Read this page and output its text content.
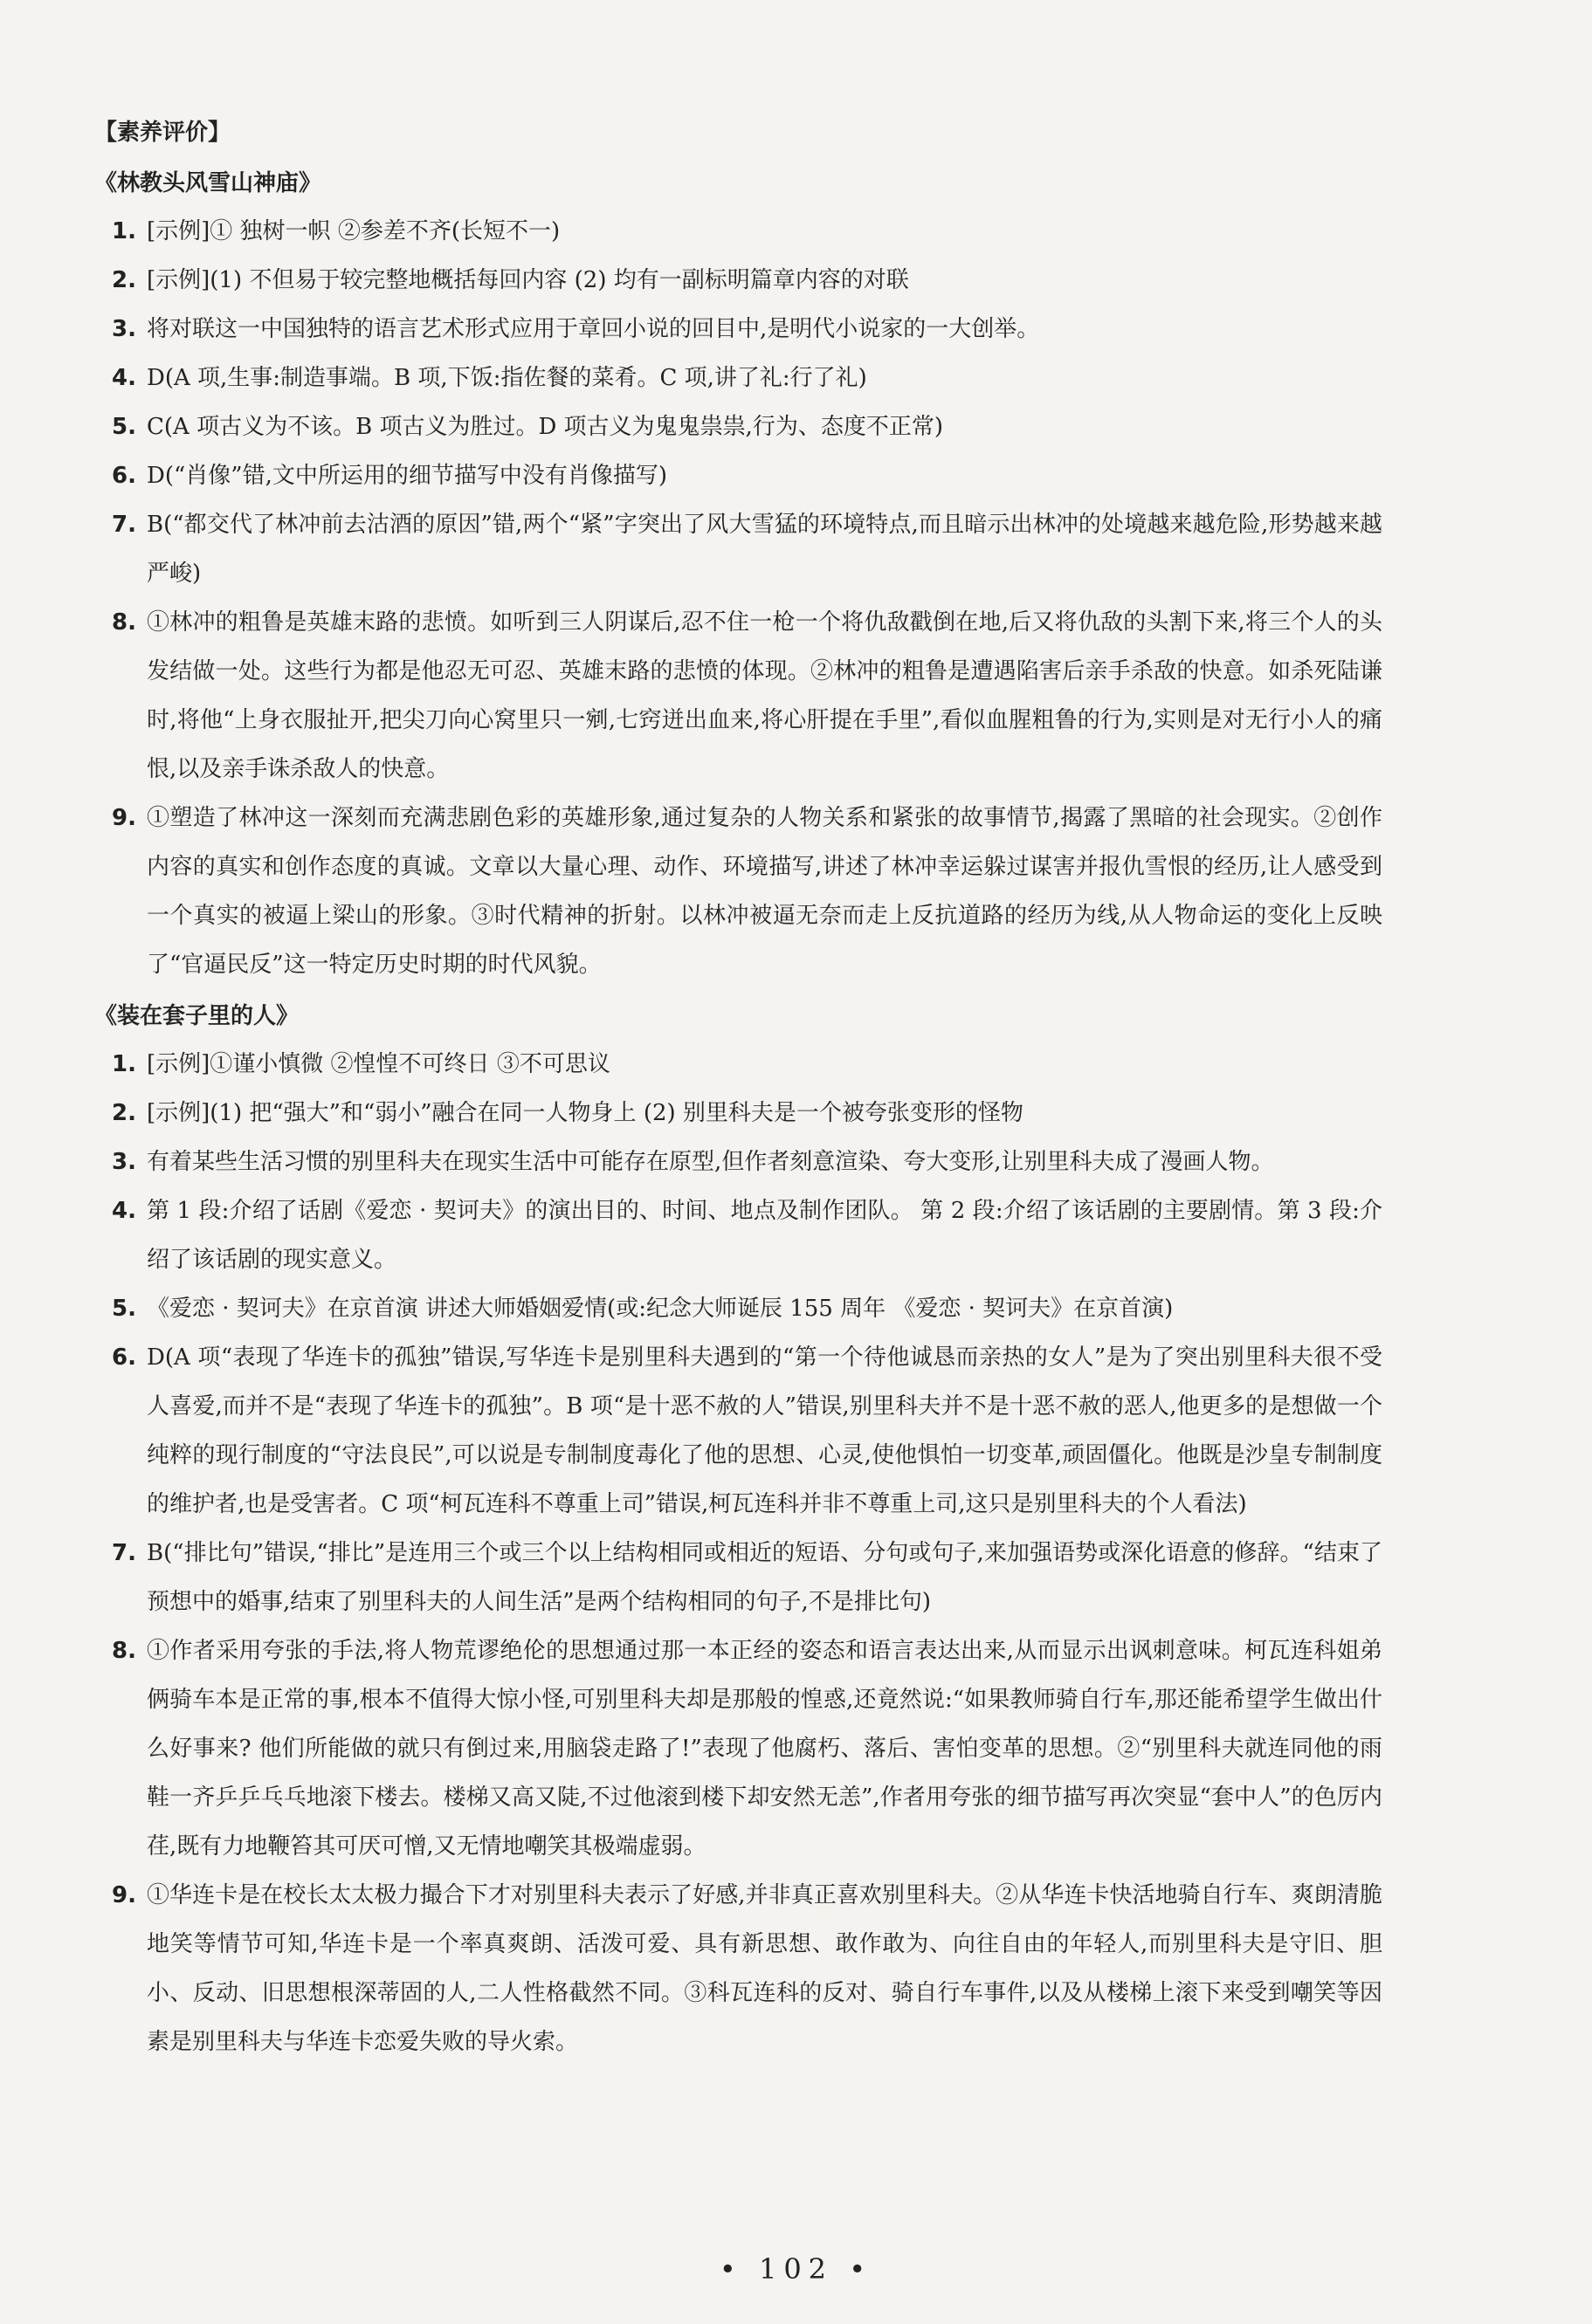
【素养评价】
《林教头风雪山神庙》
1. [示例]① 独树一帜 ②参差不齐(长短不一)
2. [示例](1) 不但易于较完整地概括每回内容 (2) 均有一副标明篇章内容的对联
3. 将对联这一中国独特的语言艺术形式应用于章回小说的回目中,是明代小说家的一大创举。
4. D(A 项,生事:制造事端。B 项,下饭:指佐餐的菜肴。C 项,讲了礼:行了礼)
5. C(A 项古义为不该。B 项古义为胜过。D 项古义为鬼鬼祟祟,行为、态度不正常)
6. D(“肖像”错,文中所运用的细节描写中没有肖像描写)
7. B(“都交代了林冲前去沽酒的原因”错,两个“紧”字突出了风大雪猛的环境特点,而且暗示出林冲的处境越来越危险,形势越来越严峻)
8. ①林冲的粗鲁是英雄末路的悲愤。如听到三人阴谋后,忍不住一枪一个将仇敌戳倒在地,后又将仇敌的头割下来,将三个人的头发结做一处。这些行为都是他忍无可忍、英雄末路的悲愤的体现。②林冲的粗鲁是遭遇陷害后亲手杀敌的快意。如杀死陆谦时,将他“上身衣服扯开,把尖刀向心窝里只一剜,七窍迸出血来,将心肝提在手里”,看似血腥粗鲁的行为,实则是对无行小人的痛恨,以及亲手诛杀敌人的快意。
9. ①塑造了林冲这一深刻而充满悲剧色彩的英雄形象,通过复杂的人物关系和紧张的故事情节,揭露了黑暗的社会现实。②创作内容的真实和创作态度的真诚。文章以大量心理、动作、环境描写,讲述了林冲幸运躲过谋害并报仇雪恨的经历,让人感受到一个真实的被逼上梁山的形象。③时代精神的折射。以林冲被逼无奈而走上反抗道路的经历为线,从人物命运的变化上反映了“官逼民反”这一特定历史时期的时代风貌。
《装在套子里的人》
1. [示例]①谨小慎微 ②惶惶不可终日 ③不可思议
2. [示例](1) 把“强大”和“弱小”融合在同一人物身上 (2) 别里科夫是一个被夸张变形的怪物
3. 有着某些生活习惯的别里科夫在现实生活中可能存在原型,但作者刻意渲染、夸大变形,让别里科夫成了漫画人物。
4. 第 1 段:介绍了话剧《爱恋 · 契诃夫》的演出目的、时间、地点及制作团队。 第 2 段:介绍了该话剧的主要剧情。第 3 段:介绍了该话剧的现实意义。
5. 《爱恋 · 契诃夫》在京首演 讲述大师婚姻爱情(或:纪念大师诞辰 155 周年 《爱恋 · 契诃夫》在京首演)
6. D(A 项“表现了华连卡的孤独”错误,写华连卡是别里科夫遇到的“第一个待他诚恳而亲热的女人”是为了突出别里科夫很不受人喜爱,而并不是“表现了华连卡的孤独”。B 项“是十恶不赦的人”错误,别里科夫并不是十恶不赦的恶人,他更多的是想做一个纯粹的现行制度的“守法良民”,可以说是专制制度毒化了他的思想、心灵,使他惧怕一切变革,顽固僵化。他既是沙皇专制制度的维护者,也是受害者。C 项“柯瓦连科不尊重上司”错误,柯瓦连科并非不尊重上司,这只是别里科夫的个人看法)
7. B(“排比句”错误,“排比”是连用三个或三个以上结构相同或相近的短语、分句或句子,来加强语势或深化语意的修辞。“结束了预想中的婚事,结束了别里科夫的人间生活”是两个结构相同的句子,不是排比句)
8. ①作者采用夸张的手法,将人物荒谬绝伦的思想通过那一本正经的姿态和语言表达出来,从而显示出讽刺意味。柯瓦连科姐弟俩骑车本是正常的事,根本不值得大惊小怪,可别里科夫却是那般的惶惑,还竟然说:“如果教师骑自行车,那还能希望学生做出什么好事来? 他们所能做的就只有倒过来,用脑袋走路了!”表现了他腐朽、落后、害怕变革的思想。②“别里科夫就连同他的雨鞋一齐乒乒乓乓地滚下楼去。楼梯又高又陡,不过他滚到楼下却安然无恙”,作者用夸张的细节描写再次突显“套中人”的色厉内荏,既有力地鞭笞其可厌可憎,又无情地嘲笑其极端虚弱。
9. ①华连卡是在校长太太极力撮合下才对别里科夫表示了好感,并非真正喜欢别里科夫。②从华连卡快活地骑自行车、爽朗清脆地笑等情节可知,华连卡是一个率真爽朗、活泼可爱、具有新思想、敢作敢为、向往自由的年轻人,而别里科夫是守旧、胆小、反动、旧思想根深蒂固的人,二人性格截然不同。③科瓦连科的反对、骑自行车事件,以及从楼梯上滚下来受到嘲笑等因素是别里科夫与华连卡恋爱失败的导火索。
• 102 •
